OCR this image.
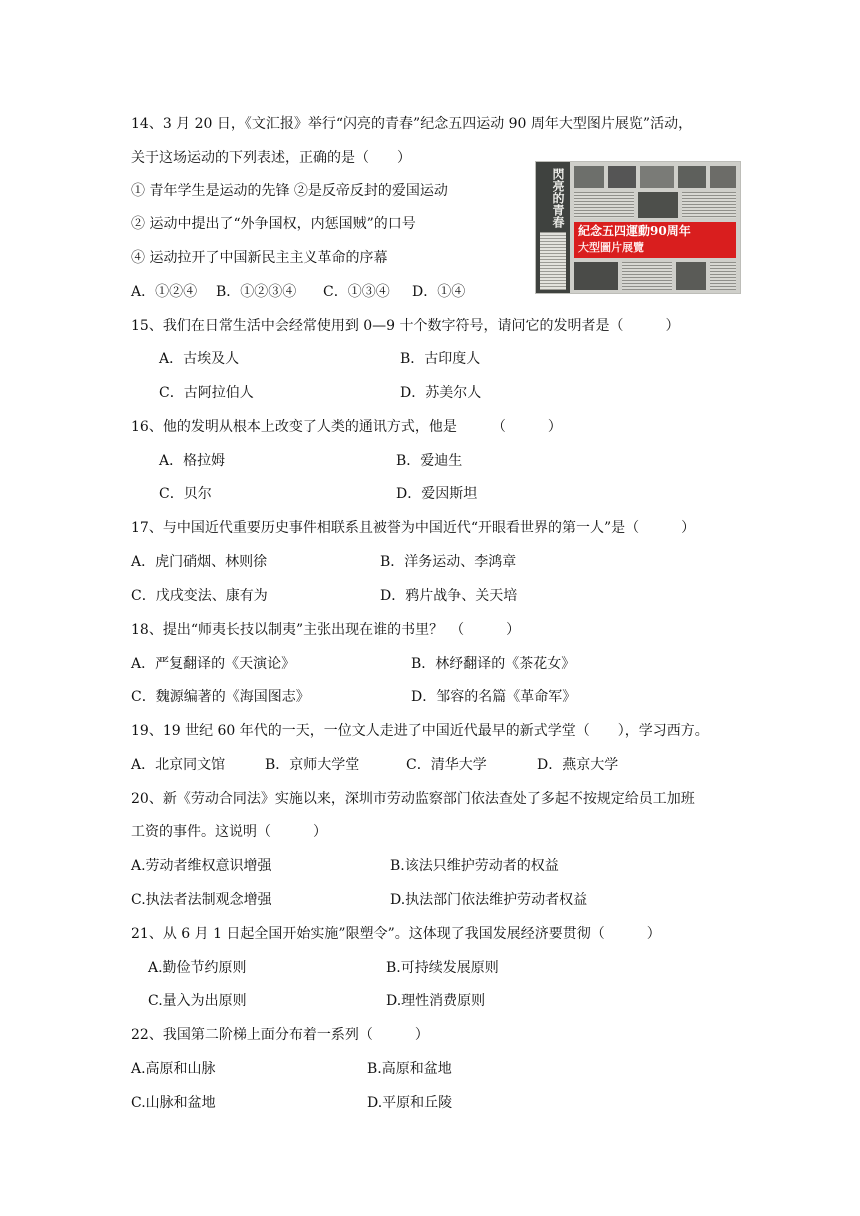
14、3 月 20 日，《文汇报》举行“闪亮的青春”纪念五四运动 90 周年大型图片展览”活动，
关于这场运动的下列表述，正确的是（　　）
① 青年学生是运动的先锋 ②是反帝反封的爱国运动
② 运动中提出了“外争国权，内惩国贼”的口号
④ 运动拉开了中国新民主主义革命的序幕
A．①②④ B．①②③④ C．①③④ D．①④
閃亮的青春
紀念五四運動90周年
大型圖片展覽
15、我们在日常生活中会经常使用到 0—9 十个数字符号，请问它的发明者是（　　　）
A．古埃及人	B．古印度人
C．古阿拉伯人	D．苏美尔人
16、他的发明从根本上改变了人类的通讯方式，他是　　　（　　　）
A．格拉姆	B．爱迪生
C．贝尔	D．爱因斯坦
17、与中国近代重要历史事件相联系且被誉为中国近代“开眼看世界的第一人”是（　　　）
A．虎门硝烟、林则徐	B．洋务运动、李鸿章
C．戊戌变法、康有为	D．鸦片战争、关天培
18、提出“师夷长技以制夷”主张出现在谁的书里？　（　　　）
A．严复翻译的《天演论》	B．林纾翻译的《茶花女》
C．魏源编著的《海国图志》	D．邹容的名篇《革命军》
19、19 世纪 60 年代的一天，一位文人走进了中国近代最早的新式学堂（　　），学习西方。
A．北京同文馆	B．京师大学堂	C．清华大学	D．燕京大学
20、新《劳动合同法》实施以来，深圳市劳动监察部门依法查处了多起不按规定给员工加班
工资的事件。这说明（　　　）
A.劳动者维权意识增强	B.该法只维护劳动者的权益
C.执法者法制观念增强	D.执法部门依法维护劳动者权益
21、从 6 月 1 日起全国开始实施”限塑令”。这体现了我国发展经济要贯彻（　　　）
A.勤俭节约原则	B.可持续发展原则
C.量入为出原则	D.理性消费原则
22、我国第二阶梯上面分布着一系列（　　　）
A.高原和山脉	B.高原和盆地
C.山脉和盆地	D.平原和丘陵
